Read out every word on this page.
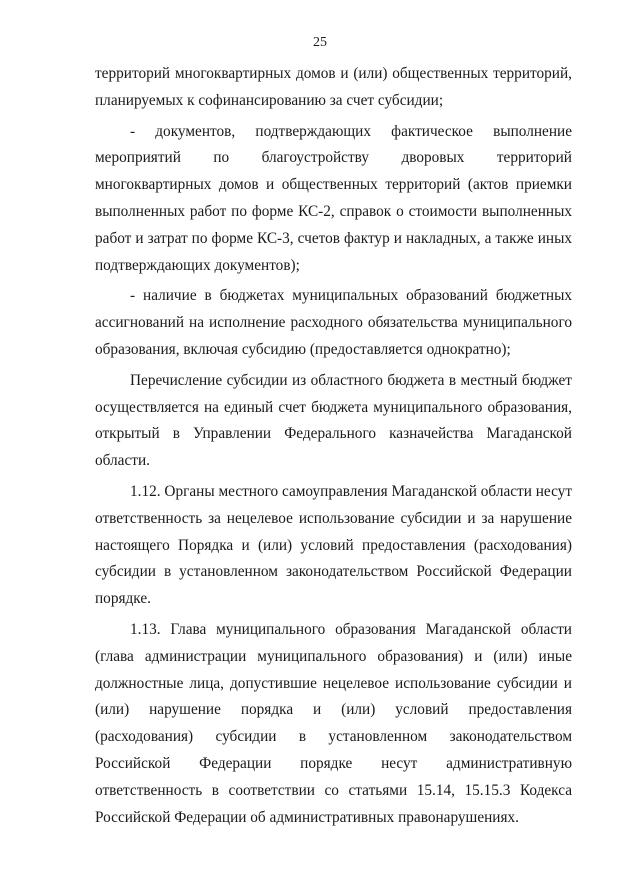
25

территорий многоквартирных домов и (или) общественных территорий, планируемых к софинансированию за счет субсидии;

- документов, подтверждающих фактическое выполнение мероприятий по благоустройству дворовых территорий многоквартирных домов и общественных территорий (актов приемки выполненных работ по форме КС-2, справок о стоимости выполненных работ и затрат по форме КС-3, счетов фактур и накладных, а также иных подтверждающих документов);

- наличие в бюджетах муниципальных образований бюджетных ассигнований на исполнение расходного обязательства муниципального образования, включая субсидию (предоставляется однократно);

Перечисление субсидии из областного бюджета в местный бюджет осуществляется на единый счет бюджета муниципального образования, открытый в Управлении Федерального казначейства Магаданской области.

1.12. Органы местного самоуправления Магаданской области несут ответственность за нецелевое использование субсидии и за нарушение настоящего Порядка и (или) условий предоставления (расходования) субсидии в установленном законодательством Российской Федерации порядке.

1.13. Глава муниципального образования Магаданской области (глава администрации муниципального образования) и (или) иные должностные лица, допустившие нецелевое использование субсидии и (или) нарушение порядка и (или) условий предоставления (расходования) субсидии в установленном законодательством Российской Федерации порядке несут административную ответственность в соответствии со статьями 15.14, 15.15.3 Кодекса Российской Федерации об административных правонарушениях.
